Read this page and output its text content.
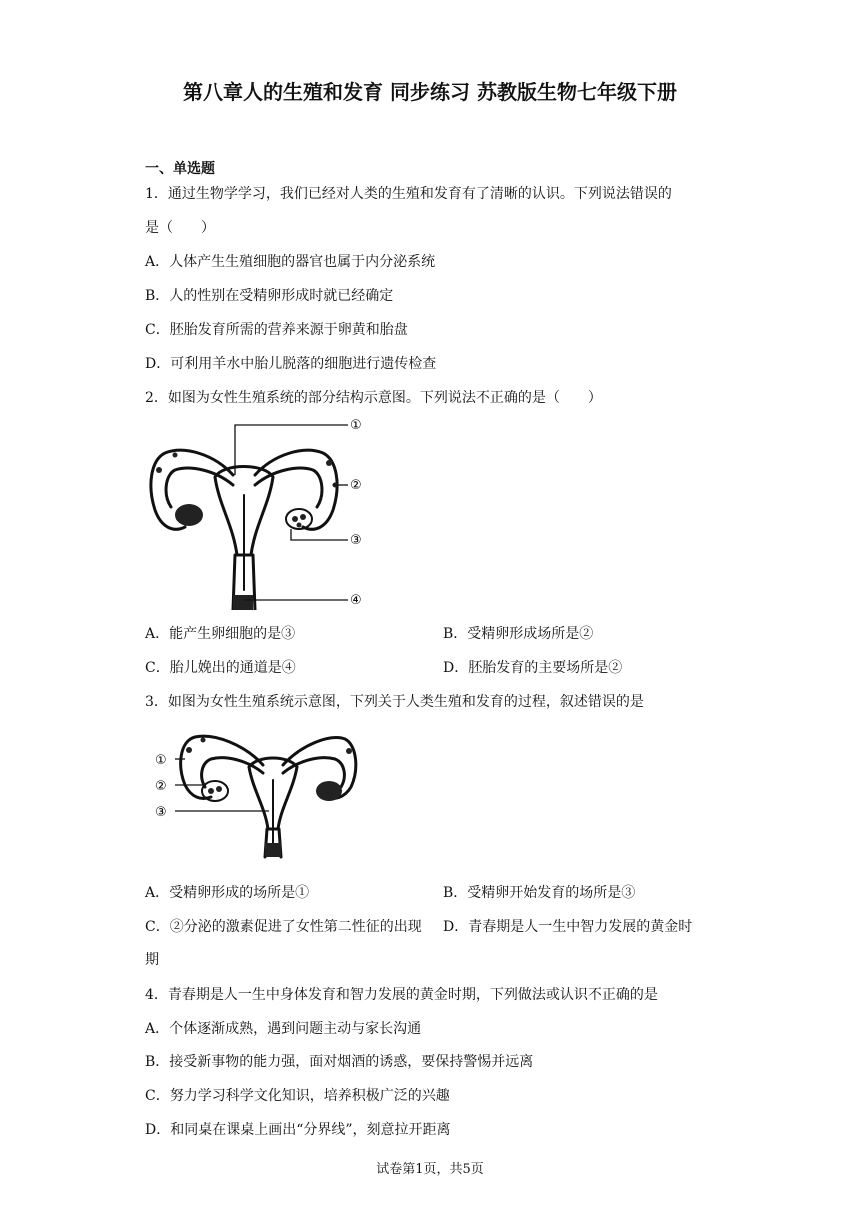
第八章人的生殖和发育 同步练习 苏教版生物七年级下册
一、单选题
1．通过生物学学习，我们已经对人类的生殖和发育有了清晰的认识。下列说法错误的
是（　　）
A．人体产生生殖细胞的器官也属于内分泌系统
B．人的性别在受精卵形成时就已经确定
C．胚胎发育所需的营养来源于卵黄和胎盘
D．可利用羊水中胎儿脱落的细胞进行遗传检查
2．如图为女性生殖系统的部分结构示意图。下列说法不正确的是（　　）
①
②
③
④
A．能产生卵细胞的是③	B．受精卵形成场所是②
C．胎儿娩出的通道是④	D．胚胎发育的主要场所是②
3．如图为女性生殖系统示意图，下列关于人类生殖和发育的过程，叙述错误的是
①
②
③
A．受精卵形成的场所是①	B．受精卵开始发育的场所是③
C．②分泌的激素促进了女性第二性征的出现 D．青春期是人一生中智力发展的黄金时
期
4．青春期是人一生中身体发育和智力发展的黄金时期，下列做法或认识不正确的是
A．个体逐渐成熟，遇到问题主动与家长沟通
B．接受新事物的能力强，面对烟酒的诱惑，要保持警惕并远离
C．努力学习科学文化知识，培养积极广泛的兴趣
D．和同桌在课桌上画出“分界线”，刻意拉开距离
试卷第1页，共5页
